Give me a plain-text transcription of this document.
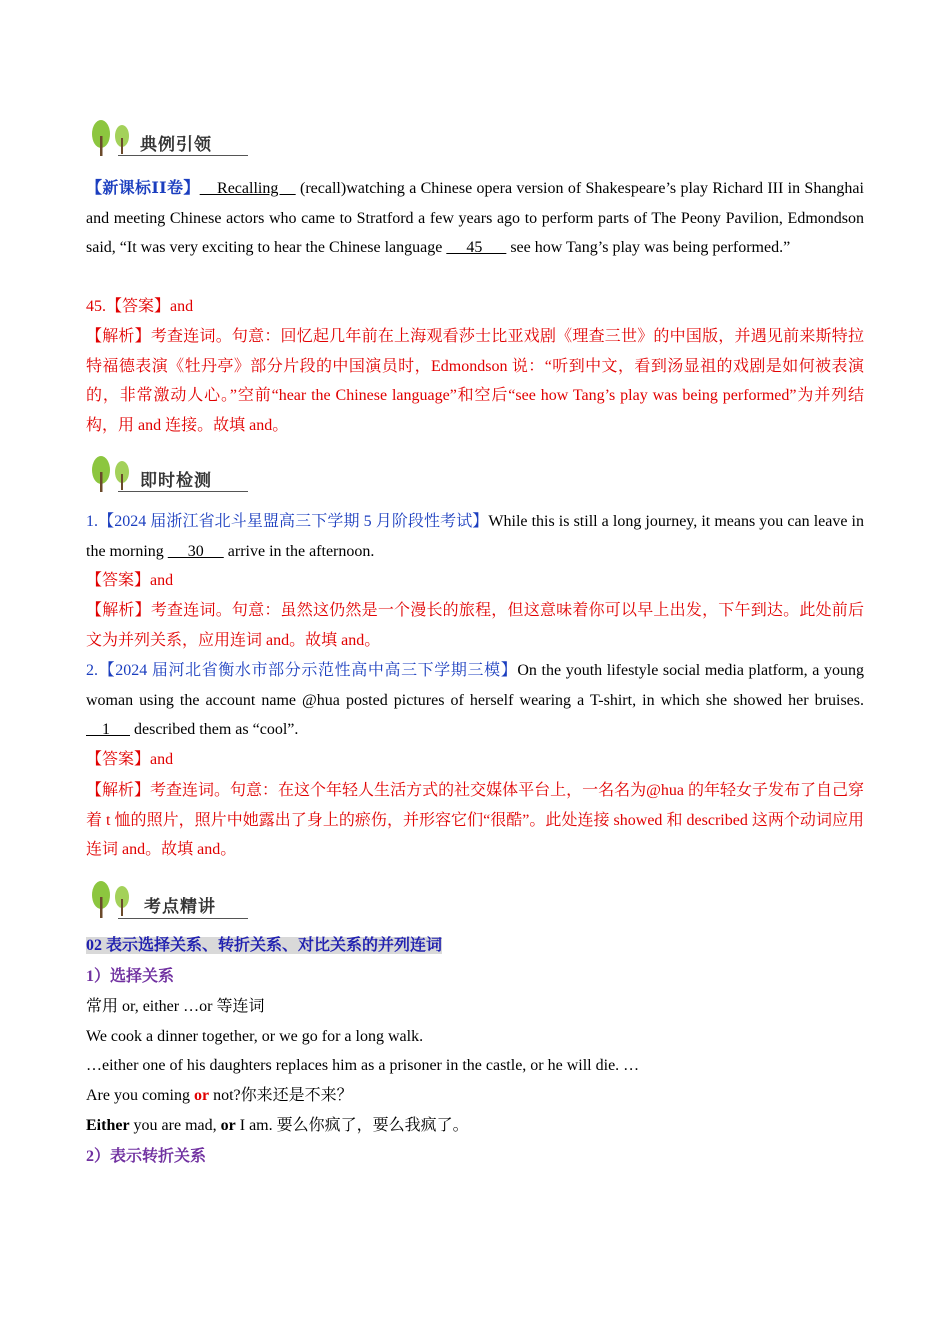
典例引领
【新课标ⅠⅠ卷】    Recalling     (recall)watching a Chinese opera version of Shakespeare’s play Richard III in Shanghai and meeting Chinese actors who came to Stratford a few years ago to perform parts of The Peony Pavilion, Edmondson said, “It was very exciting to hear the Chinese language      45       see how Tang’s play was being performed.”
45.【答案】and
【解析】考查连词。句意：回忆起几年前在上海观看莎士比亚戏剧《理查三世》的中国版，并遇见前来斯特拉特福德表演《牡丹亭》部分片段的中国演员时，Edmondson 说：“听到中文，看到汤显祖的戏剧是如何被表演的，非常激动人心。”空前“hear the Chinese language”和空后“see how Tang’s play was being performed”为并列结构，用 and 连接。故填 and。
即时检测
1.【2024 届浙江省北斗星盟高三下学期 5 月阶段性考试】While this is still a long journey, it means you can leave in the morning      30      arrive in the afternoon.
【答案】and
【解析】考查连词。句意：虽然这仍然是一个漫长的旅程，但这意味着你可以早上出发，下午到达。此处前后文为并列关系，应用连词 and。故填 and。
2.【2024 届河北省衡水市部分示范性高中高三下学期三模】On the youth lifestyle social media platform, a young woman using the account name @hua posted pictures of herself wearing a T-shirt, in which she showed her bruises.     1      described them as “cool”.
【答案】and
【解析】考查连词。句意：在这个年轻人生活方式的社交媒体平台上，一名名为@hua 的年轻女子发布了自己穿着 t 恤的照片，照片中她露出了身上的瘀伤，并形容它们“很酷”。此处连接 showed 和 described 这两个动词应用连词 and。故填 and。
考点精讲
02 表示选择关系、转折关系、对比关系的并列连词
1）选择关系
常用 or, either …or 等连词
We cook a dinner together, or we go for a long walk.
…either one of his daughters replaces him as a prisoner in the castle, or he will die. …
Are you coming or not?你来还是不来？
Either you are mad, or I am. 要么你疯了，要么我疯了。
2）表示转折关系
